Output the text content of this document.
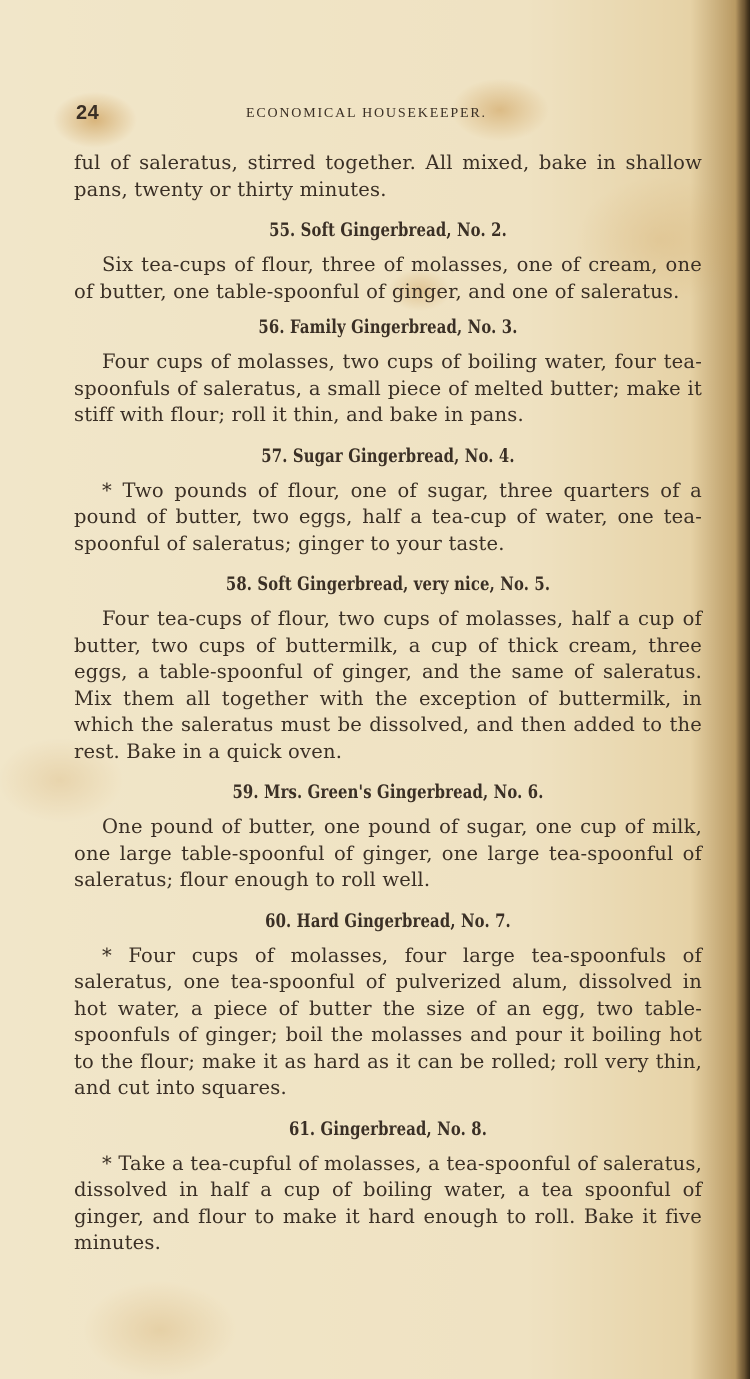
24	ECONOMICAL HOUSEKEEPER.

ful of saleratus, stirred together. All mixed, bake in shallow pans, twenty or thirty minutes.

55. Soft Gingerbread, No. 2.

Six tea-cups of flour, three of molasses, one of cream, one of butter, one table-spoonful of ginger, and one of saleratus.

56. Family Gingerbread, No. 3.

Four cups of molasses, two cups of boiling water, four tea-spoonfuls of saleratus, a small piece of melted butter; make it stiff with flour; roll it thin, and bake in pans.

57. Sugar Gingerbread, No. 4.

* Two pounds of flour, one of sugar, three quarters of a pound of butter, two eggs, half a tea-cup of water, one tea-spoonful of saleratus; ginger to your taste.

58. Soft Gingerbread, very nice, No. 5.

Four tea-cups of flour, two cups of molasses, half a cup of butter, two cups of buttermilk, a cup of thick cream, three eggs, a table-spoonful of ginger, and the same of saleratus. Mix them all together with the exception of buttermilk, in which the saleratus must be dissolved, and then added to the rest. Bake in a quick oven.

59. Mrs. Green's Gingerbread, No. 6.

One pound of butter, one pound of sugar, one cup of milk, one large table-spoonful of ginger, one large tea-spoonful of saleratus; flour enough to roll well.

60. Hard Gingerbread, No. 7.

* Four cups of molasses, four large tea-spoonfuls of saleratus, one tea-spoonful of pulverized alum, dissolved in hot water, a piece of butter the size of an egg, two table-spoonfuls of ginger; boil the molasses and pour it boiling hot to the flour; make it as hard as it can be rolled; roll very thin, and cut into squares.

61. Gingerbread, No. 8.

* Take a tea-cupful of molasses, a tea-spoonful of saleratus, dissolved in half a cup of boiling water, a tea spoonful of ginger, and flour to make it hard enough to roll. Bake it five minutes.
